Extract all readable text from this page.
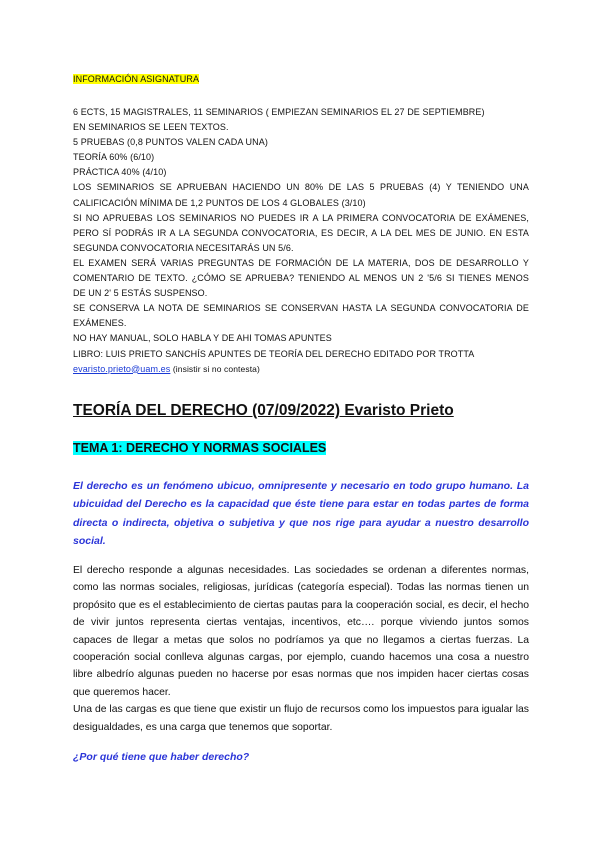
INFORMACIÓN ASIGNATURA
6 ECTS, 15 MAGISTRALES, 11 SEMINARIOS ( EMPIEZAN SEMINARIOS EL 27 DE SEPTIEMBRE)
EN SEMINARIOS SE LEEN TEXTOS.
5 PRUEBAS (0,8 PUNTOS VALEN CADA UNA)
TEORÍA 60% (6/10)
PRÁCTICA 40% (4/10)
LOS SEMINARIOS SE APRUEBAN HACIENDO UN 80% DE LAS 5 PRUEBAS (4) Y TENIENDO UNA
CALIFICACIÓN MÍNIMA DE 1,2 PUNTOS DE LOS 4 GLOBALES (3/10)
SI NO APRUEBAS LOS SEMINARIOS NO PUEDES IR A LA PRIMERA CONVOCATORIA DE EXÁMENES,
PERO SÍ PODRÁS IR A LA SEGUNDA CONVOCATORIA, ES DECIR, A LA DEL MES DE JUNIO. EN ESTA
SEGUNDA CONVOCATORIA NECESITARÁS UN 5/6.
EL EXAMEN SERÁ VARIAS PREGUNTAS DE FORMACIÓN DE LA MATERIA, DOS DE DESARROLLO Y
COMENTARIO DE TEXTO. ¿CÓMO SE APRUEBA? TENIENDO AL MENOS UN 2 '5/6 SI TIENES MENOS
DE UN 2' 5 ESTÁS SUSPENSO.
SE CONSERVA LA NOTA DE SEMINARIOS SE CONSERVAN HASTA LA SEGUNDA CONVOCATORIA DE
EXÁMENES.
NO HAY MANUAL, SOLO HABLA Y DE AHI TOMAS APUNTES
LIBRO: LUIS PRIETO SANCHÍS APUNTES DE TEORÍA DEL DERECHO EDITADO POR TROTTA
evaristo.prieto@uam.es (insistir si no contesta)
TEORÍA DEL DERECHO (07/09/2022) Evaristo Prieto
TEMA 1: DERECHO Y NORMAS SOCIALES
El derecho es un fenómeno ubicuo, omnipresente y necesario en todo grupo humano. La ubicuidad del Derecho es la capacidad que éste tiene para estar en todas partes de forma directa o indirecta, objetiva o subjetiva y que nos rige para ayudar a nuestro desarrollo social.

El derecho responde a algunas necesidades. Las sociedades se ordenan a diferentes normas, como las normas sociales, religiosas, jurídicas (categoría especial). Todas las normas tienen un propósito que es el establecimiento de ciertas pautas para la cooperación social, es decir, el hecho de vivir juntos representa ciertas ventajas, incentivos, etc…. porque viviendo juntos somos capaces de llegar a metas que solos no podríamos ya que no llegamos a ciertas fuerzas. La cooperación social conlleva algunas cargas, por ejemplo, cuando hacemos una cosa a nuestro libre albedrío algunas pueden no hacerse por esas normas que nos impiden hacer ciertas cosas que queremos hacer.

Una de las cargas es que tiene que existir un flujo de recursos como los impuestos para igualar las desigualdades, es una carga que tenemos que soportar.

¿Por qué tiene que haber derecho?
